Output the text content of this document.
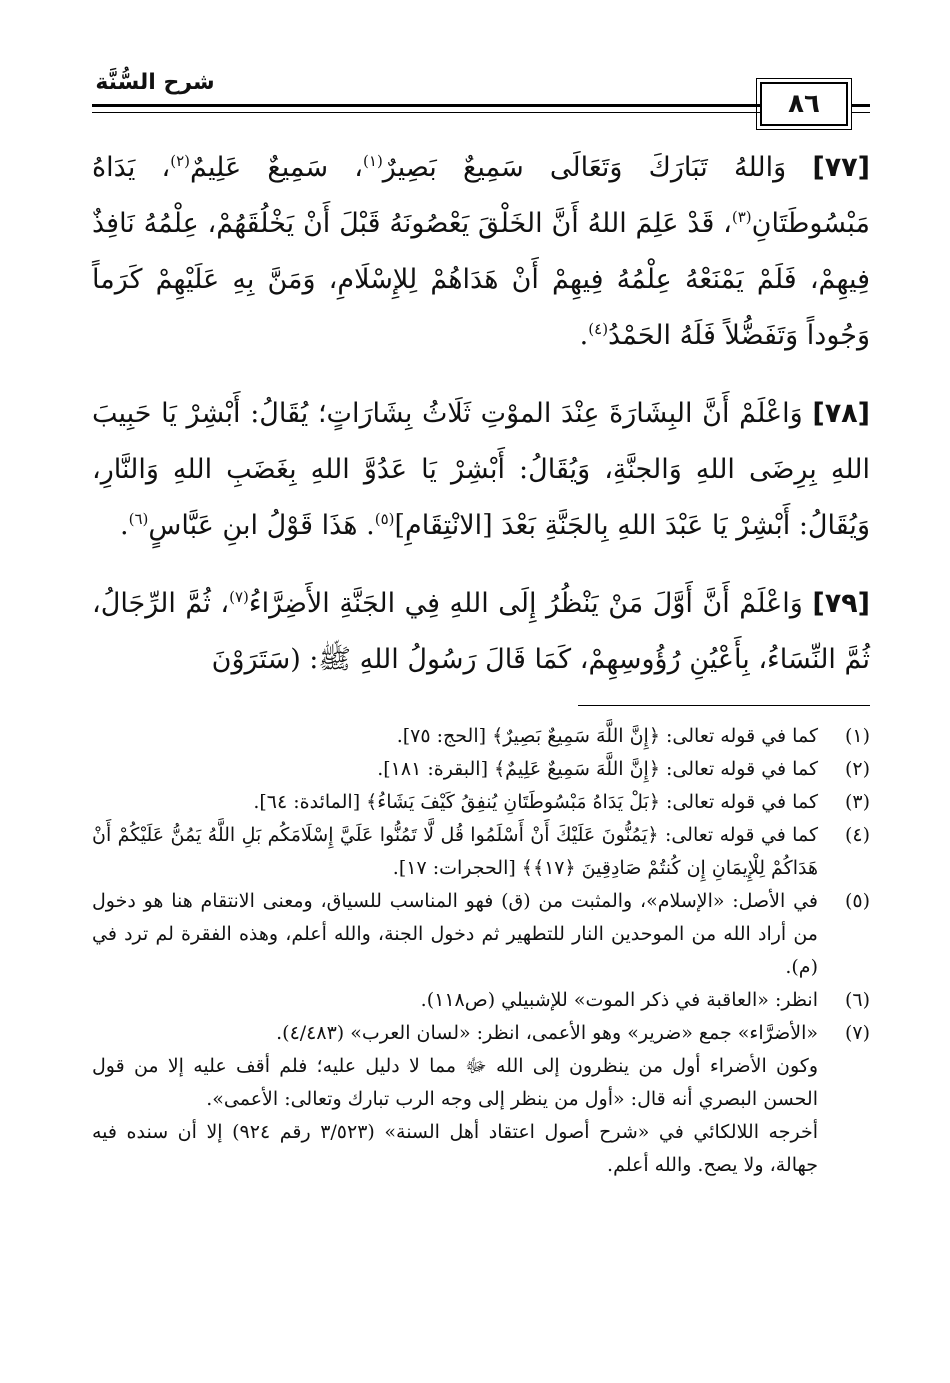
شرح السُّنَّة
٨٦

[٧٧] وَاللهُ تَبَارَكَ وَتَعَالَى سَمِيعٌ بَصِيرٌ$^{(١)}$، سَمِيعٌ عَلِيمٌ$^{(٢)}$، يَدَاهُ مَبْسُوطَتَانِ$^{(٣)}$، قَدْ عَلِمَ اللهُ أَنَّ الخَلْقَ يَعْصُونَهُ قَبْلَ أَنْ يَخْلُقَهُمْ، عِلْمُهُ نَافِذٌ فِيهِمْ، فَلَمْ يَمْنَعْهُ عِلْمُهُ فِيهِمْ أَنْ هَدَاهُمْ لِلإِسْلَامِ، وَمَنَّ بِهِ عَلَيْهِمْ كَرَماً وَجُوداً وَتَفَضُّلاً فَلَهُ الحَمْدُ$^{(٤)}$.

[٧٨] وَاعْلَمْ أَنَّ البِشَارَةَ عِنْدَ الموْتِ ثَلَاثُ بِشَارَاتٍ؛ يُقَالُ: أَبْشِرْ يَا حَبِيبَ اللهِ بِرِضَى اللهِ وَالجنَّةِ، وَيُقَالُ: أَبْشِرْ يَا عَدُوَّ اللهِ بِغَضَبِ اللهِ وَالنَّارِ، وَيُقَالُ: أَبْشِرْ يَا عَبْدَ اللهِ بِالجَنَّةِ بَعْدَ [الانْتِقَامِ]$^{(٥)}$. هَذَا قَوْلُ ابنِ عَبَّاسٍ$^{(٦)}$.

[٧٩] وَاعْلَمْ أَنَّ أَوَّلَ مَنْ يَنْظُرُ إِلَى اللهِ فِي الجَنَّةِ الأَضِرَّاءُ$^{(٧)}$، ثُمَّ الرِّجَالُ، ثُمَّ النِّسَاءُ، بِأَعْيُنِ رُؤُوسِهِمْ، كَمَا قَالَ رَسُولُ اللهِ ﷺ: (سَتَرَوْنَ

(١)

كما في قوله تعالى: ﴿إِنَّ اللَّهَ سَمِيعٌ بَصِيرٌ﴾ [الحج: ٧٥].

(٢)

كما في قوله تعالى: ﴿إِنَّ اللَّهَ سَمِيعٌ عَلِيمٌ﴾ [البقرة: ١٨١].

(٣)

كما في قوله تعالى: ﴿بَلْ يَدَاهُ مَبْسُوطَتَانِ يُنفِقُ كَيْفَ يَشَاءُ﴾ [المائدة: ٦٤].

(٤)

كما في قوله تعالى: ﴿يَمُنُّونَ عَلَيْكَ أَنْ أَسْلَمُوا قُل لَّا تَمُنُّوا عَلَيَّ إِسْلَامَكُم بَلِ اللَّهُ يَمُنُّ عَلَيْكُمْ أَنْ هَدَاكُمْ لِلْإِيمَانِ إِن كُنتُمْ صَادِقِينَ ﴿١٧﴾﴾ [الحجرات: ١٧].

(٥)

في الأصل: «الإسلام»، والمثبت من (ق) فهو المناسب للسياق، ومعنى الانتقام هنا هو دخول من أراد الله من الموحدين النار للتطهير ثم دخول الجنة، والله أعلم، وهذه الفقرة لم ترد في (م).

(٦)

انظر: «العاقبة في ذكر الموت» للإشبيلي (ص١١٨).

(٧)

«الأضرَّاء» جمع «ضرير» وهو الأعمى، انظر: «لسان العرب» (٤/٤٨٣).

وكون الأضراء أول من ينظرون إلى الله ﷻ مما لا دليل عليه؛ فلم أقف عليه إلا من قول الحسن البصري أنه قال: «أول من ينظر إلى وجه الرب تبارك وتعالى: الأعمى».

أخرجه اللالكائي في «شرح أصول اعتقاد أهل السنة» (٣/٥٢٣ رقم ٩٢٤) إلا أن سنده فيه جهالة، ولا يصح. والله أعلم.
